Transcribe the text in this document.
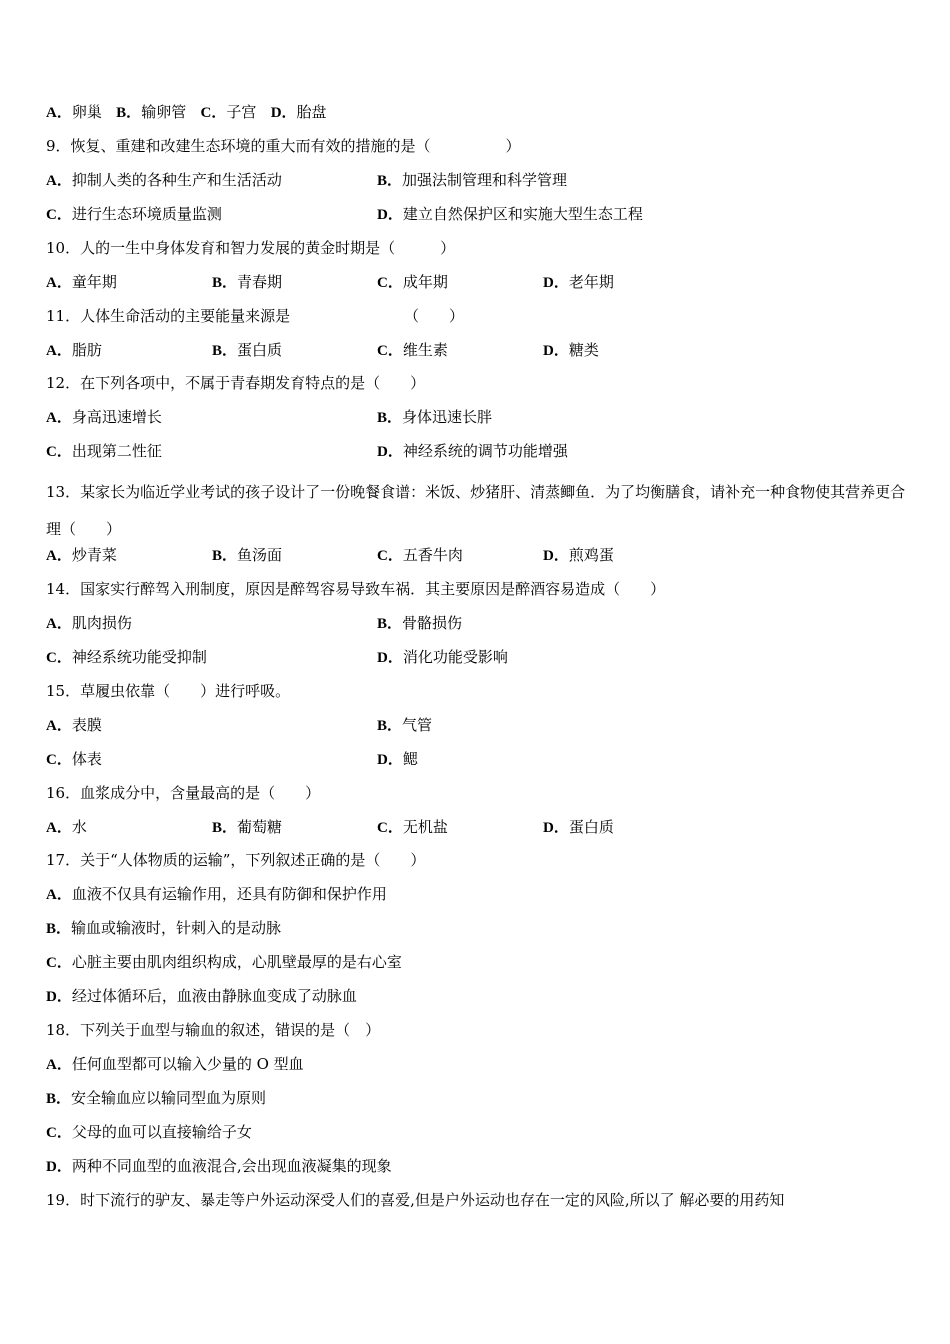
A．卵巢 B．输卵管 C．子宫 D．胎盘
9．恢复、重建和改建生态环境的重大而有效的措施的是（　　　　　）
A．抑制人类的各种生产和生活活动	B．加强法制管理和科学管理
C．进行生态环境质量监测	D．建立自然保护区和实施大型生态工程
10．人的一生中身体发育和智力发展的黄金时期是（　　　）
A．童年期	B．青春期	C．成年期	D．老年期
11．人体生命活动的主要能量来源是	（　　）
A．脂肪	B．蛋白质	C．维生素	D．糖类
12．在下列各项中，不属于青春期发育特点的是（　　）
A．身高迅速增长	B．身体迅速长胖
C．出现第二性征	D．神经系统的调节功能增强
13．某家长为临近学业考试的孩子设计了一份晚餐食谱：米饭、炒猪肝、清蒸鲫鱼．为了均衡膳食，请补充一种食物使其营养更合理（　　）
A．炒青菜	B．鱼汤面	C．五香牛肉	D．煎鸡蛋
14．国家实行醉驾入刑制度，原因是醉驾容易导致车祸．其主要原因是醉酒容易造成（　　）
A．肌肉损伤	B．骨骼损伤
C．神经系统功能受抑制	D．消化功能受影响
15．草履虫依靠（　　）进行呼吸。
A．表膜	B．气管
C．体表	D．鳃
16．血浆成分中，含量最高的是（　　）
A．水	B．葡萄糖	C．无机盐	D．蛋白质
17．关于“人体物质的运输”，下列叙述正确的是（　　）
A．血液不仅具有运输作用，还具有防御和保护作用
B．输血或输液时，针刺入的是动脉
C．心脏主要由肌肉组织构成，心肌壁最厚的是右心室
D．经过体循环后，血液由静脉血变成了动脉血
18．下列关于血型与输血的叙述，错误的是（　）
A．任何血型都可以输入少量的 O 型血
B．安全输血应以输同型血为原则
C．父母的血可以直接输给子女
D．两种不同血型的血液混合,会出现血液凝集的现象
19．时下流行的驴友、暴走等户外运动深受人们的喜爱,但是户外运动也存在一定的风险,所以了 解必要的用药知
